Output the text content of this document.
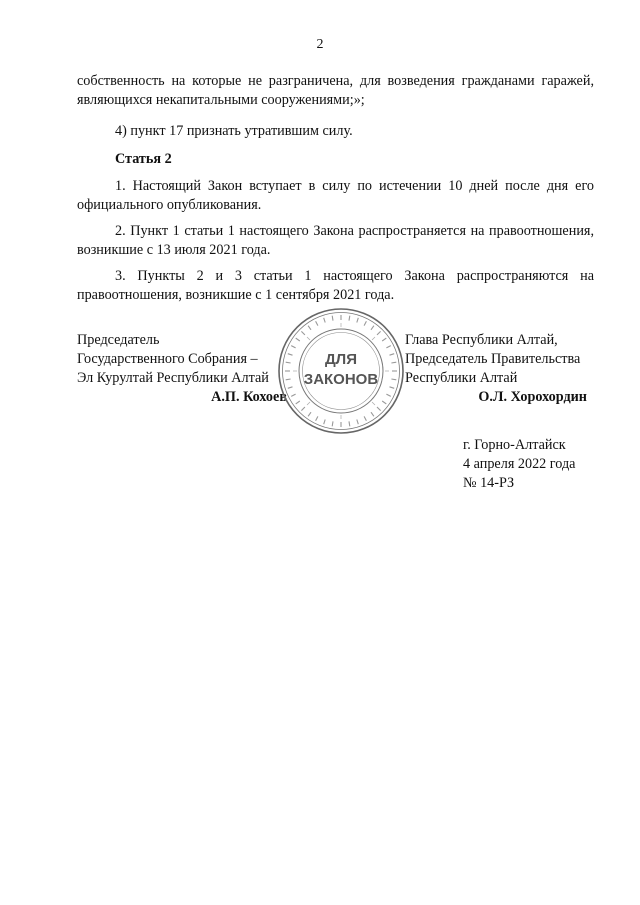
2

собственность на которые не разграничена, для возведения гражданами гаражей, являющихся некапитальными сооружениями;»;

4) пункт 17 признать утратившим силу.

Статья 2

1. Настоящий Закон вступает в силу по истечении 10 дней после дня его официального опубликования.

2. Пункт 1 статьи 1 настоящего Закона распространяется на правоотношения, возникшие с 13 июля 2021 года.

3. Пункты 2 и 3 статьи 1 настоящего Закона распространяются на правоотношения, возникшие с 1 сентября 2021 года.

Председатель
Государственного Собрания –
Эл Курултай Республики Алтай
А.П. Кохоев
Глава Республики Алтай,
Председатель Правительства
Республики Алтай
О.Л. Хорохордин
ДЛЯ
ЗАКОНОВ
г. Горно-Алтайск
4 апреля 2022 года
№ 14-РЗ
